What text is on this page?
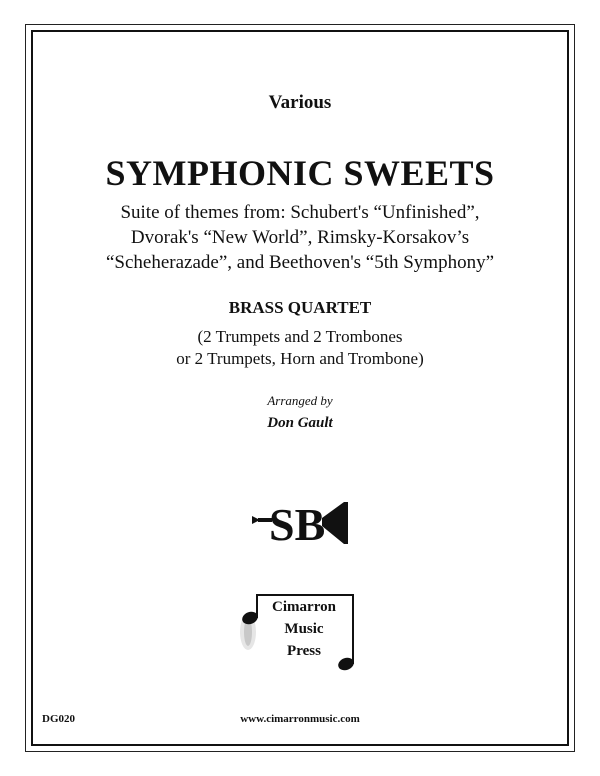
Various
SYMPHONIC SWEETS
Suite of themes from: Schubert's “Unfinished”,
Dvorak's “New World”, Rimsky-Korsakov’s
“Scheherazade”, and Beethoven's “5th Symphony”
BRASS QUARTET
(2 Trumpets and 2 Trombones
or 2 Trumpets, Horn and Trombone)
Arranged by
Don Gault
SB
Cimarron
Music
Press
DG020	www.cimarronmusic.com
